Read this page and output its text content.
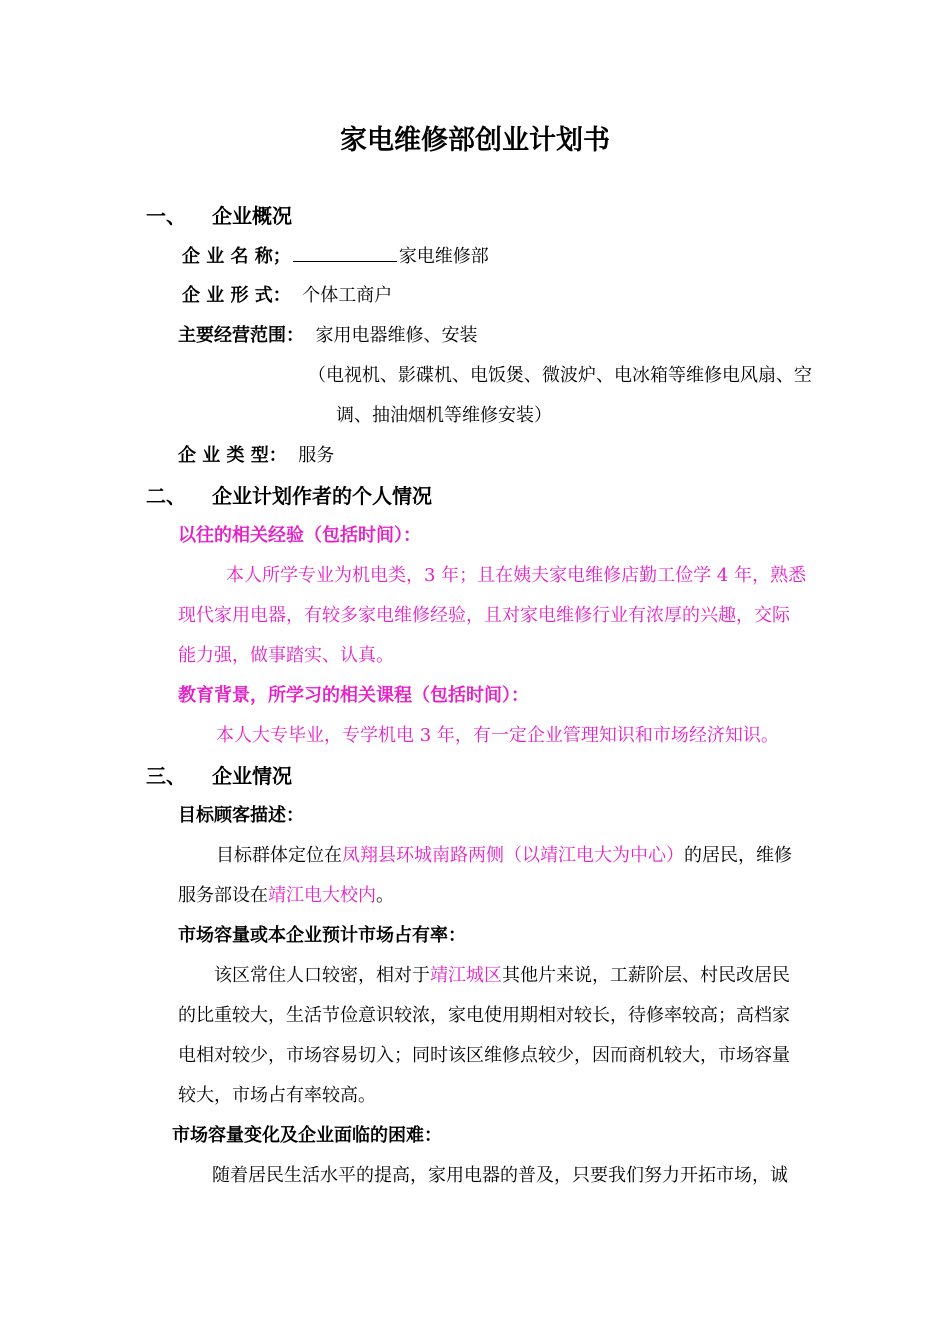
家电维修部创业计划书
一、 企业概况
企 业 名 称；	家电维修部
企 业 形 式： 个体工商户
主要经营范围： 家用电器维修、安装
（电视机、影碟机、电饭煲、微波炉、电冰箱等维修电风扇、空
调、抽油烟机等维修安装）
企 业 类 型： 服务
二、 企业计划作者的个人情况
以往的相关经验（包括时间）：
本人所学专业为机电类，3 年；且在姨夫家电维修店勤工俭学 4 年，熟悉
现代家用电器，有较多家电维修经验，且对家电维修行业有浓厚的兴趣，交际
能力强，做事踏实、认真。
教育背景，所学习的相关课程（包括时间）：
本人大专毕业，专学机电 3 年，有一定企业管理知识和市场经济知识。
三、 企业情况
目标顾客描述：
目标群体定位在凤翔县环城南路两侧（以靖江电大为中心）的居民，维修
服务部设在靖江电大校内。
市场容量或本企业预计市场占有率：
该区常住人口较密，相对于靖江城区其他片来说，工薪阶层、村民改居民
的比重较大，生活节俭意识较浓，家电使用期相对较长，待修率较高；高档家
电相对较少，市场容易切入；同时该区维修点较少，因而商机较大，市场容量
较大，市场占有率较高。
市场容量变化及企业面临的困难：
随着居民生活水平的提高，家用电器的普及，只要我们努力开拓市场，诚
